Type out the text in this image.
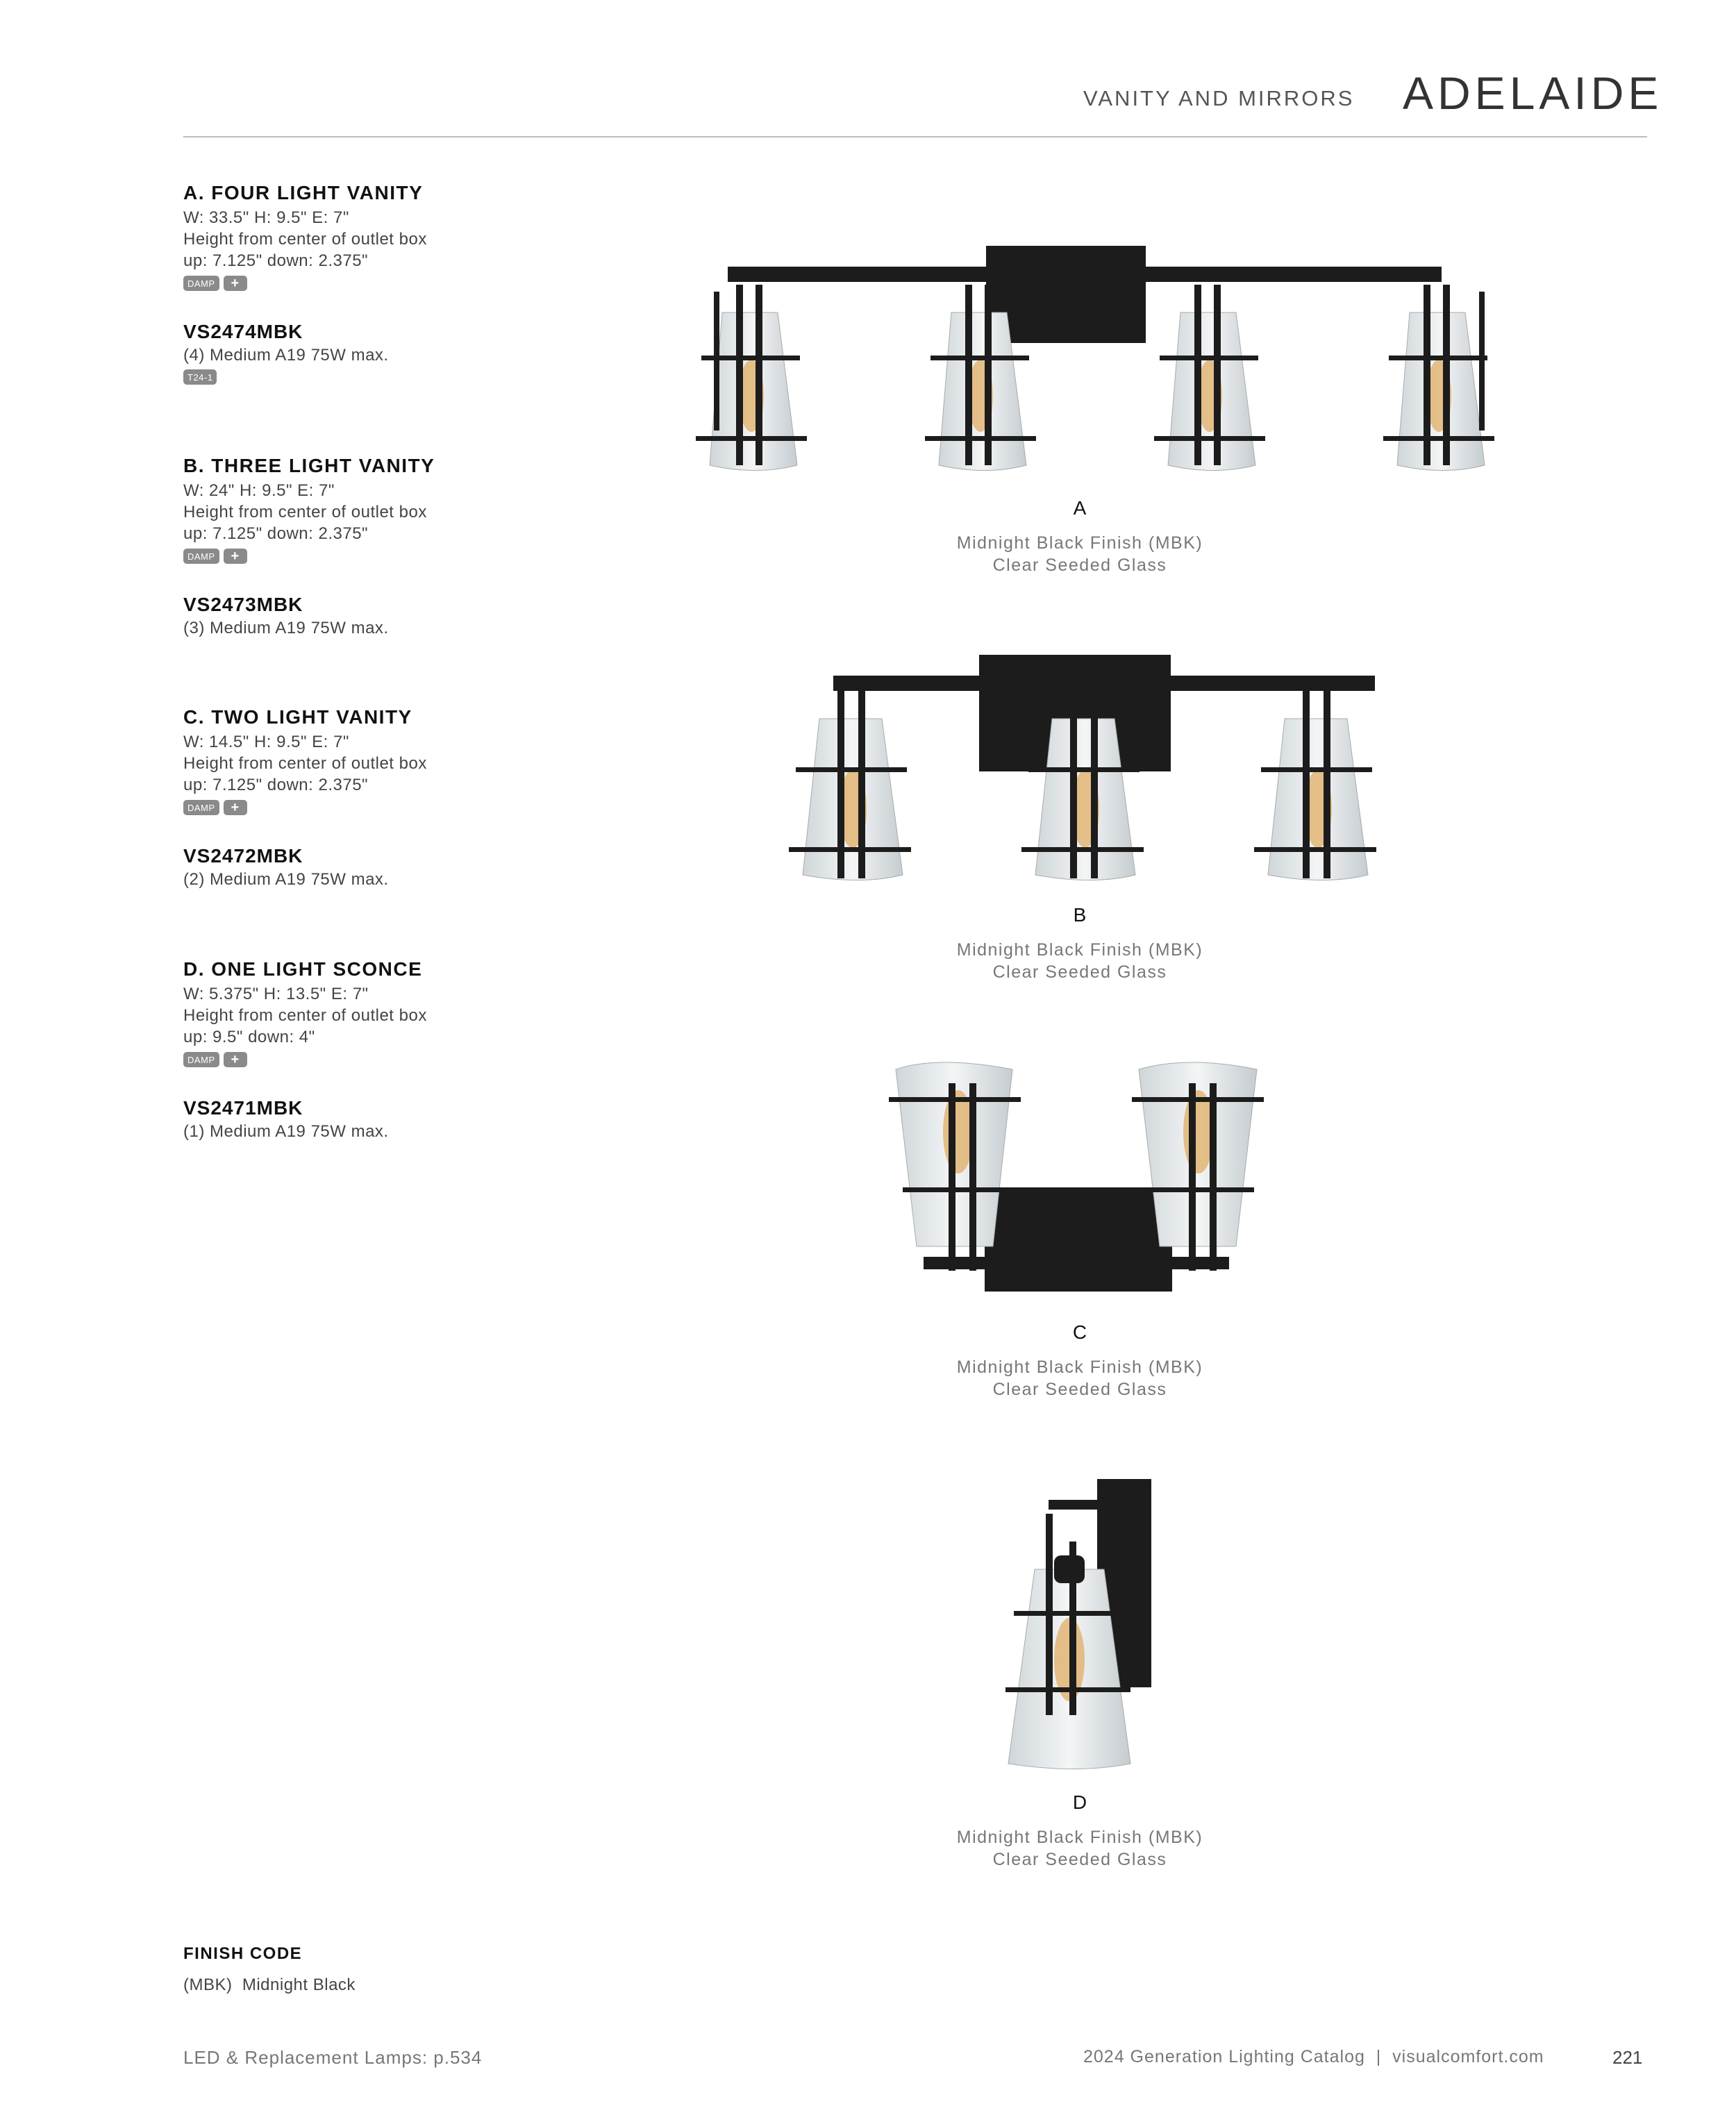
VANITY AND MIRRORS ADELAIDE
A. FOUR LIGHT VANITY
W: 33.5" H: 9.5" E: 7"
Height from center of outlet box
up: 7.125" down: 2.375"
DAMP	+
VS2474MBK
(4) Medium A19 75W max.
T24-1
B. THREE LIGHT VANITY
W: 24" H: 9.5" E: 7"
Height from center of outlet box
up: 7.125" down: 2.375"
DAMP	+
VS2473MBK
(3) Medium A19 75W max.
C. TWO LIGHT VANITY
W: 14.5" H: 9.5" E: 7"
Height from center of outlet box
up: 7.125" down: 2.375"
DAMP	+
VS2472MBK
(2) Medium A19 75W max.
D. ONE LIGHT SCONCE
W: 5.375" H: 13.5" E: 7"
Height from center of outlet box
up: 9.5" down: 4"
DAMP	+
VS2471MBK
(1) Medium A19 75W max.
A
Midnight Black Finish (MBK)
Clear Seeded Glass
B
Midnight Black Finish (MBK)
Clear Seeded Glass
C
Midnight Black Finish (MBK)
Clear Seeded Glass
D
Midnight Black Finish (MBK)
Clear Seeded Glass
FINISH CODE
(MBK) Midnight Black
LED & Replacement Lamps: p.534	2024 Generation Lighting Catalog  |  visualcomfort.com	221
